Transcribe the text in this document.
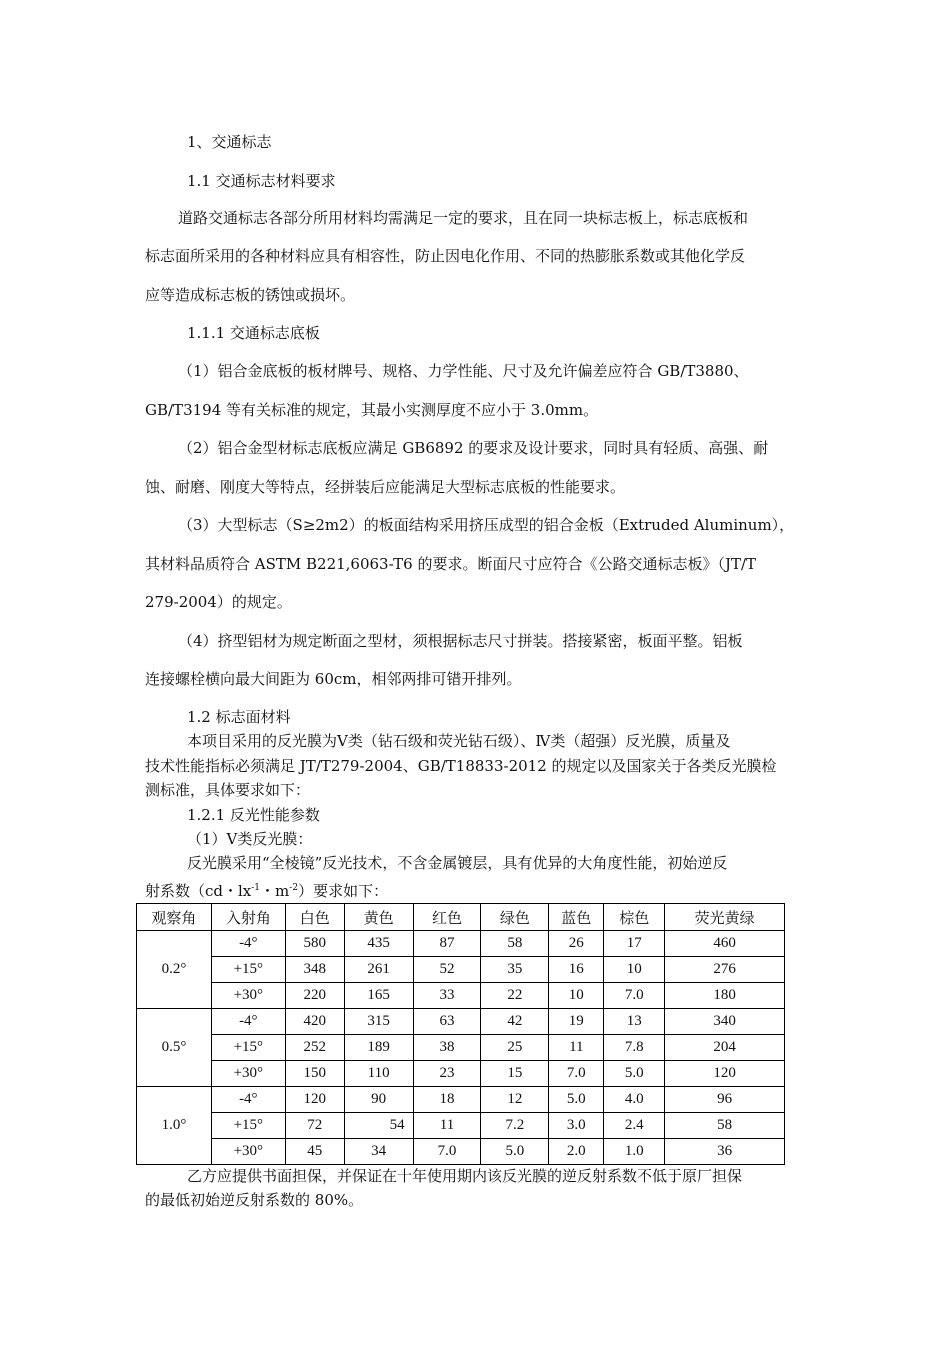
1、交通标志
1.1 交通标志材料要求
道路交通标志各部分所用材料均需满足一定的要求，且在同一块标志板上，标志底板和
标志面所采用的各种材料应具有相容性，防止因电化作用、不同的热膨胀系数或其他化学反
应等造成标志板的锈蚀或损坏。
1.1.1 交通标志底板
（1）铝合金底板的板材牌号、规格、力学性能、尺寸及允许偏差应符合 GB/T3880、
GB/T3194 等有关标准的规定，其最小实测厚度不应小于 3.0mm。
（2）铝合金型材标志底板应满足 GB6892 的要求及设计要求，同时具有轻质、高强、耐
蚀、耐磨、刚度大等特点，经拼装后应能满足大型标志底板的性能要求。
（3）大型标志（S≥2m2）的板面结构采用挤压成型的铝合金板（Extruded Aluminum），
其材料品质符合 ASTM B221,6063-T6 的要求。断面尺寸应符合《公路交通标志板》（JT/T
279-2004）的规定。
（4）挤型铝材为规定断面之型材，须根据标志尺寸拼装。搭接紧密，板面平整。铝板
连接螺栓横向最大间距为 60cm，相邻两排可错开排列。
1.2 标志面材料
本项目采用的反光膜为Ⅴ类（钻石级和荧光钻石级）、Ⅳ类（超强）反光膜，质量及
技术性能指标必须满足 JT/T279-2004、GB/T18833-2012 的规定以及国家关于各类反光膜检
测标准，具体要求如下：
1.2.1 反光性能参数
（1）Ⅴ类反光膜：
反光膜采用“全棱镜”反光技术，不含金属镀层，具有优异的大角度性能，初始逆反
射系数（cd・$lx^{-1}$・$m^{-2}$）要求如下：
观察角	入射角	白色	黄色	红色	绿色	蓝色	棕色	荧光黄绿
0.2°	-4°	580	435	87	58	26	17	460
	+15°	348	261	52	35	16	10	276
	+30°	220	165	33	22	10	7.0	180
0.5°	-4°	420	315	63	42	19	13	340
	+15°	252	189	38	25	11	7.8	204
	+30°	150	110	23	15	7.0	5.0	120
1.0°	-4°	120	90	18	12	5.0	4.0	96
	+15°	72	54	11	7.2	3.0	2.4	58
	+30°	45	34	7.0	5.0	2.0	1.0	36
乙方应提供书面担保，并保证在十年使用期内该反光膜的逆反射系数不低于原厂担保
的最低初始逆反射系数的 80%。
